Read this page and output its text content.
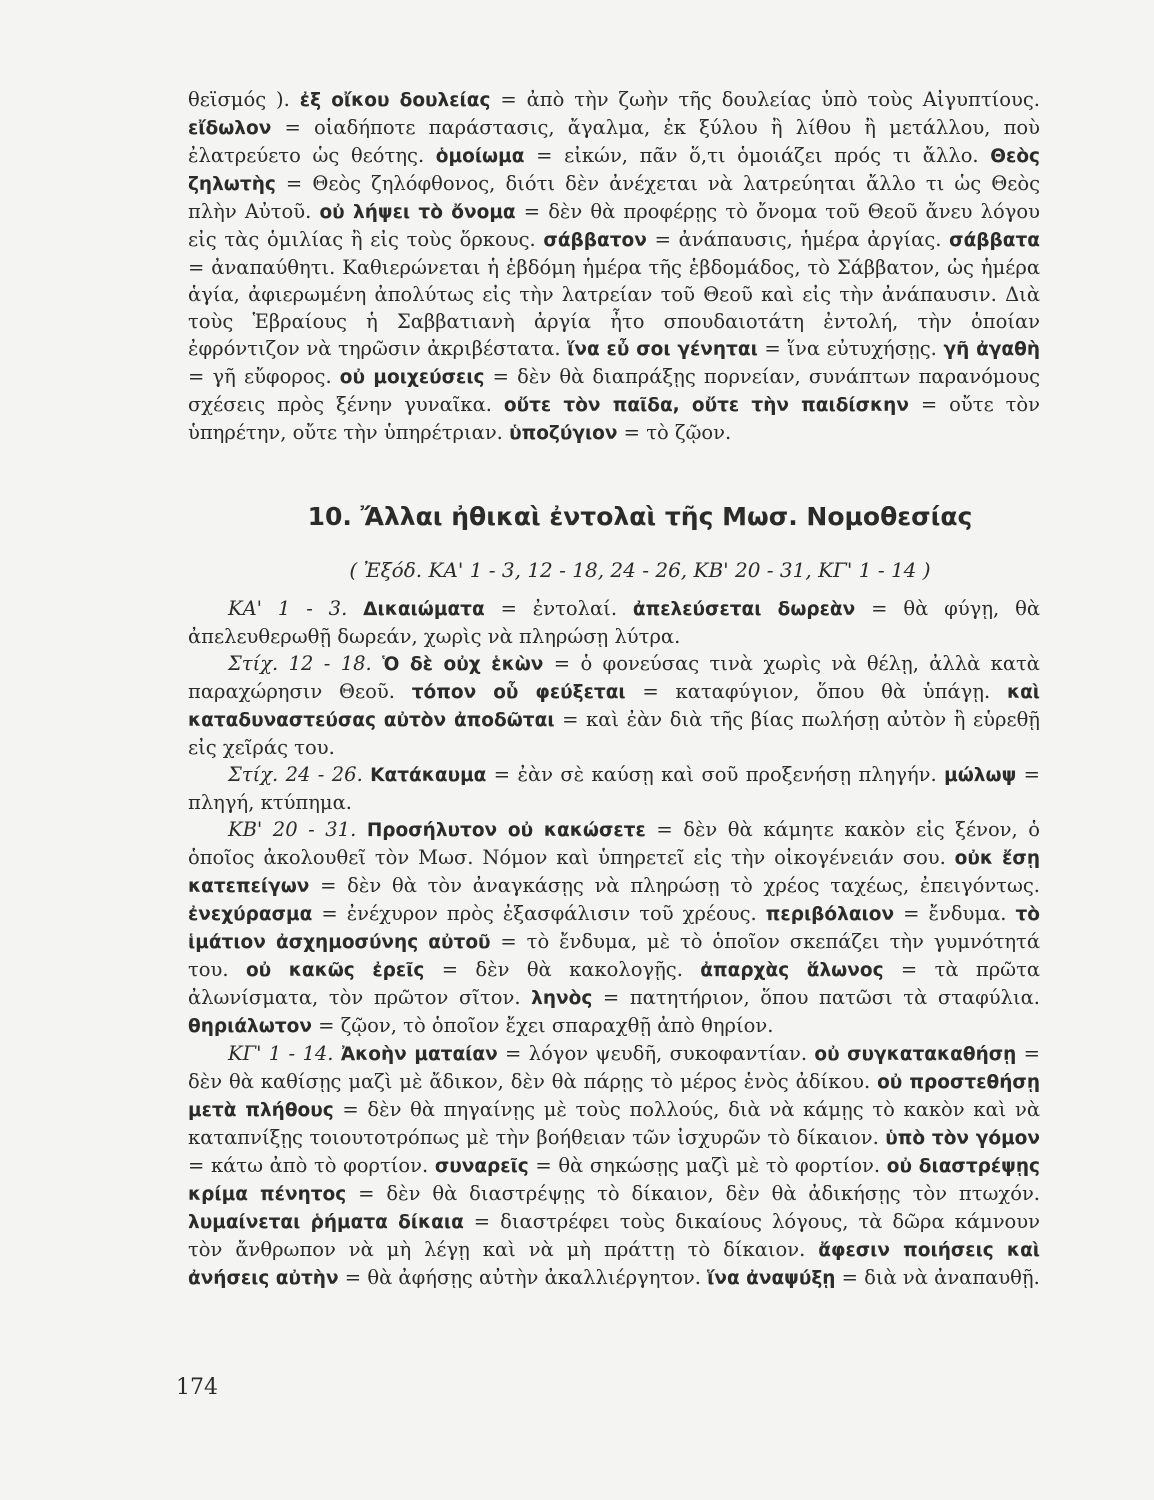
θεϊσμός ). ἐξ οἴκου δουλείας = ἀπὸ τὴν ζωὴν τῆς δουλείας ὑπὸ τοὺς Αἰγυπτίους. εἴδωλον = οἱαδήποτε παράστασις, ἄγαλμα, ἐκ ξύλου ἢ λίθου ἢ μετάλλου, ποὺ ἐλατρεύετο ὡς θεότης. ὁμοίωμα = εἰκών, πᾶν ὅ,τι ὁμοιάζει πρός τι ἄλλο. Θεὸς ζηλωτὴς = Θεὸς ζηλόφθονος, διότι δὲν ἀνέχεται νὰ λατρεύηται ἄλλο τι ὡς Θεὸς πλὴν Αὐτοῦ. οὐ λήψει τὸ ὄνομα = δὲν θὰ προφέρῃς τὸ ὄνομα τοῦ Θεοῦ ἄνευ λόγου εἰς τὰς ὁμιλίας ἢ εἰς τοὺς ὅρκους. σάββατον = ἀνάπαυσις, ἡμέρα ἀργίας. σάββατα = ἀναπαύθητι. Καθιερώνεται ἡ ἑβδόμη ἡμέρα τῆς ἑβδομάδος, τὸ Σάββατον, ὡς ἡμέρα ἁγία, ἀφιερωμένη ἀπολύτως εἰς τὴν λατρείαν τοῦ Θεοῦ καὶ εἰς τὴν ἀνάπαυσιν. Διὰ τοὺς Ἑβραίους ἡ Σαββατιανὴ ἀργία ἦτο σπουδαιοτάτη ἐντολή, τὴν ὁποίαν ἐφρόντιζον νὰ τηρῶσιν ἀκριβέστατα. ἵνα εὖ σοι γένηται = ἵνα εὐτυχήσῃς. γῆ ἀγαθὴ = γῆ εὔφορος. οὐ μοιχεύσεις = δὲν θὰ διαπράξῃς πορνείαν, συνάπτων παρανόμους σχέσεις πρὸς ξένην γυναῖκα. οὔτε τὸν παῖδα, οὔτε τὴν παιδίσκην = οὔτε τὸν ὑπηρέτην, οὔτε τὴν ὑπηρέτριαν. ὑποζύγιον = τὸ ζῷον.

10. Ἄλλαι ἠθικαὶ ἐντολαὶ τῆς Μωσ. Νομοθεσίας
( Ἐξόδ. ΚΑ' 1 - 3, 12 - 18, 24 - 26, ΚΒ' 20 - 31, ΚΓ' 1 - 14 )

ΚΑ' 1 - 3. Δικαιώματα = ἐντολαί. ἀπελεύσεται δωρεὰν = θὰ φύγῃ, θὰ ἀπελευθερωθῇ δωρεάν, χωρὶς νὰ πληρώσῃ λύτρα.

Στίχ. 12 - 18. Ὁ δὲ οὐχ ἑκὼν = ὁ φονεύσας τινὰ χωρὶς νὰ θέλῃ, ἀλλὰ κατὰ παραχώρησιν Θεοῦ. τόπον οὗ φεύξεται = καταφύγιον, ὅπου θὰ ὑπάγῃ. καὶ καταδυναστεύσας αὐτὸν ἀποδῶται = καὶ ἐὰν διὰ τῆς βίας πωλήσῃ αὐτὸν ἢ εὑρεθῇ εἰς χεῖράς του.

Στίχ. 24 - 26. Κατάκαυμα = ἐὰν σὲ καύσῃ καὶ σοῦ προξενήσῃ πληγήν. μώλωψ = πληγή, κτύπημα.

ΚΒ' 20 - 31. Προσήλυτον οὐ κακώσετε = δὲν θὰ κάμητε κακὸν εἰς ξένον, ὁ ὁποῖος ἀκολουθεῖ τὸν Μωσ. Νόμον καὶ ὑπηρετεῖ εἰς τὴν οἰκογένειάν σου. οὐκ ἔσῃ κατεπείγων = δὲν θὰ τὸν ἀναγκάσῃς νὰ πληρώσῃ τὸ χρέος ταχέως, ἐπειγόντως. ἐνεχύρασμα = ἐνέχυρον πρὸς ἐξασφάλισιν τοῦ χρέους. περιβόλαιον = ἔνδυμα. τὸ ἱμάτιον ἀσχημοσύνης αὐτοῦ = τὸ ἔνδυμα, μὲ τὸ ὁποῖον σκεπάζει τὴν γυμνότητά του. οὐ κακῶς ἐρεῖς = δὲν θὰ κακολογῇς. ἀπαρχὰς ἅλωνος = τὰ πρῶτα ἀλωνίσματα, τὸν πρῶτον σῖτον. ληνὸς = πατητήριον, ὅπου πατῶσι τὰ σταφύλια. θηριάλωτον = ζῷον, τὸ ὁποῖον ἔχει σπαραχθῇ ἀπὸ θηρίον.

ΚΓ' 1 - 14. Ἀκοὴν ματαίαν = λόγον ψευδῆ, συκοφαντίαν. οὐ συγκατακαθήσῃ = δὲν θὰ καθίσῃς μαζὶ μὲ ἄδικον, δὲν θὰ πάρῃς τὸ μέρος ἑνὸς ἀδίκου. οὐ προστεθήσῃ μετὰ πλήθους = δὲν θὰ πηγαίνῃς μὲ τοὺς πολλούς, διὰ νὰ κάμῃς τὸ κακὸν καὶ νὰ καταπνίξῃς τοιουτοτρόπως μὲ τὴν βοήθειαν τῶν ἰσχυρῶν τὸ δίκαιον. ὑπὸ τὸν γόμον = κάτω ἀπὸ τὸ φορτίον. συναρεῖς = θὰ σηκώσῃς μαζὶ μὲ τὸ φορτίον. οὐ διαστρέψῃς κρίμα πένητος = δὲν θὰ διαστρέψῃς τὸ δίκαιον, δὲν θὰ ἀδικήσῃς τὸν πτωχόν. λυμαίνεται ῥήματα δίκαια = διαστρέφει τοὺς δικαίους λόγους, τὰ δῶρα κάμνουν τὸν ἄνθρωπον νὰ μὴ λέγῃ καὶ νὰ μὴ πράττῃ τὸ δίκαιον. ἄφεσιν ποιήσεις καὶ ἀνήσεις αὐτὴν = θὰ ἀφήσῃς αὐτὴν ἀκαλλιέργητον. ἵνα ἀναψύξῃ = διὰ νὰ ἀναπαυθῇ.

174
